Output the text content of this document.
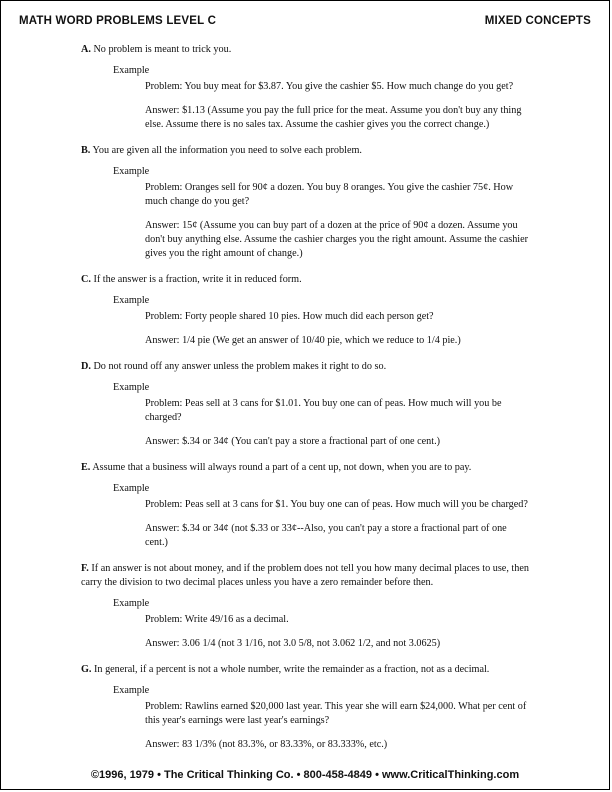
MATH WORD PROBLEMS LEVEL C	MIXED CONCEPTS

A. No problem is meant to trick you.

Example
Problem: You buy meat for $3.87. You give the cashier $5. How much change do you get?
Answer: $1.13 (Assume you pay the full price for the meat. Assume you don't buy any thing else. Assume there is no sales tax. Assume the cashier gives you the correct change.)

B. You are given all the information you need to solve each problem.

Example
Problem: Oranges sell for 90¢ a dozen. You buy 8 oranges. You give the cashier 75¢. How much change do you get?
Answer: 15¢ (Assume you can buy part of a dozen at the price of 90¢ a dozen. Assume you don't buy anything else. Assume the cashier charges you the right amount. Assume the cashier gives you the right amount of change.)

C. If the answer is a fraction, write it in reduced form.

Example
Problem: Forty people shared 10 pies. How much did each person get?
Answer: 1/4 pie (We get an answer of 10/40 pie, which we reduce to 1/4 pie.)

D. Do not round off any answer unless the problem makes it right to do so.

Example
Problem: Peas sell at 3 cans for $1.01. You buy one can of peas. How much will you be charged?
Answer: $.34 or 34¢ (You can't pay a store a fractional part of one cent.)

E. Assume that a business will always round a part of a cent up, not down, when you are to pay.

Example
Problem: Peas sell at 3 cans for $1. You buy one can of peas. How much will you be charged?
Answer: $.34 or 34¢ (not $.33 or 33¢--Also, you can't pay a store a fractional part of one cent.)

F. If an answer is not about money, and if the problem does not tell you how many decimal places to use, then carry the division to two decimal places unless you have a zero remainder before then.

Example
Problem: Write 49/16 as a decimal.
Answer: 3.06 1/4 (not 3 1/16, not 3.0 5/8, not 3.062 1/2, and not 3.0625)

G. In general, if a percent is not a whole number, write the remainder as a fraction, not as a decimal.

Example
Problem: Rawlins earned $20,000 last year. This year she will earn $24,000. What per cent of this year's earnings were last year's earnings?
Answer: 83 1/3% (not 83.3%, or 83.33%, or 83.333%, etc.)
©1996, 1979 • The Critical Thinking Co. • 800-458-4849 • www.CriticalThinking.com
